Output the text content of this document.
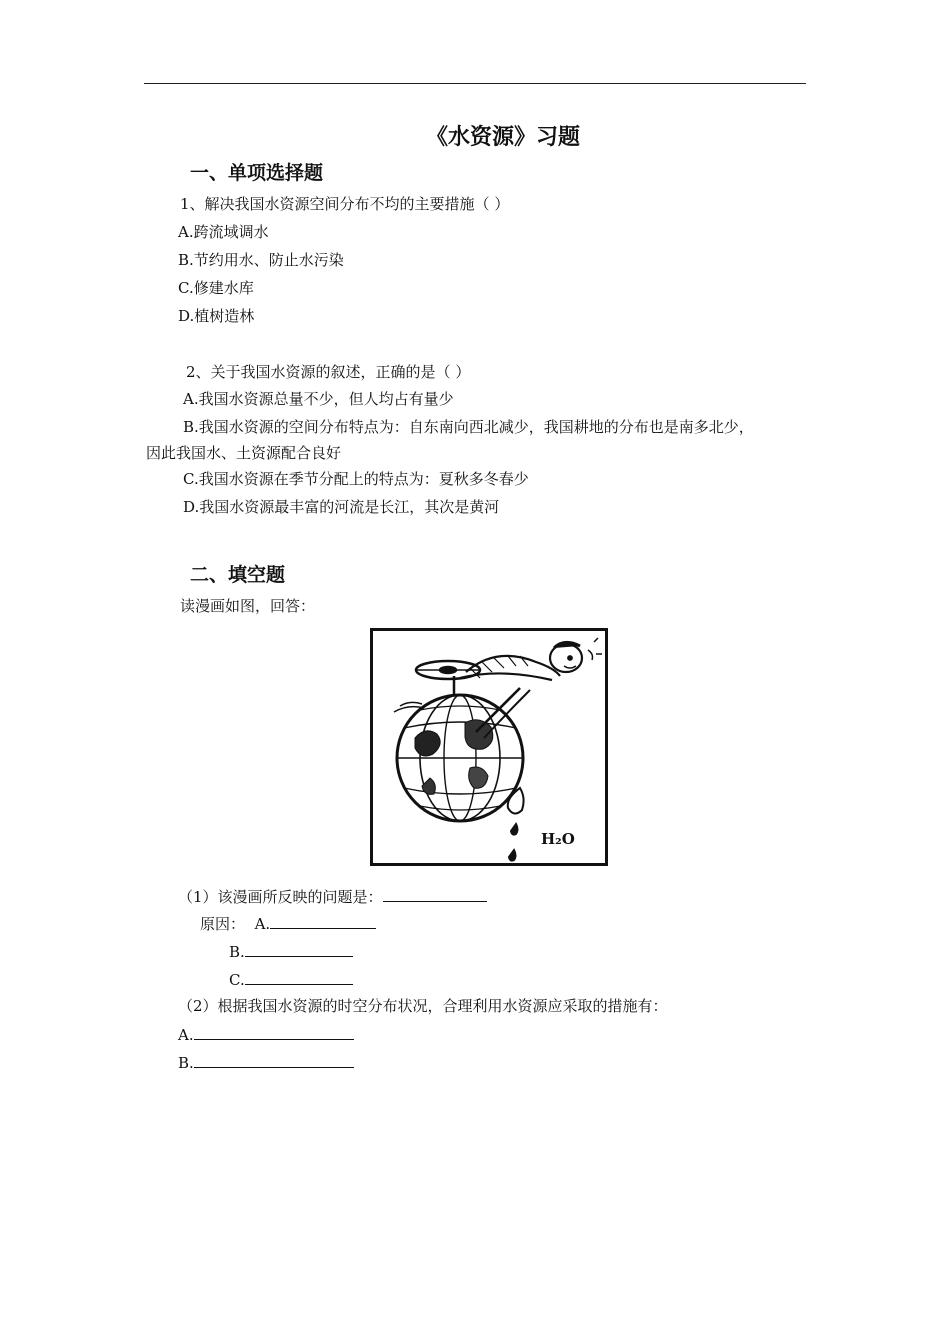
《水资源》习题
一、单项选择题
1、解决我国水资源空间分布不均的主要措施（ ）
A.跨流域调水
B.节约用水、防止水污染
C.修建水库
D.植树造林
2、关于我国水资源的叙述，正确的是（ ）
A.我国水资源总量不少，但人均占有量少
B.我国水资源的空间分布特点为：自东南向西北减少，我国耕地的分布也是南多北少，
因此我国水、土资源配合良好
C.我国水资源在季节分配上的特点为：夏秋多冬春少
D.我国水资源最丰富的河流是长江，其次是黄河
二、填空题
读漫画如图，回答：
H₂O
（1）该漫画所反映的问题是：
原因： A.
B.
C.
（2）根据我国水资源的时空分布状况，合理利用水资源应采取的措施有：
A.
B.
